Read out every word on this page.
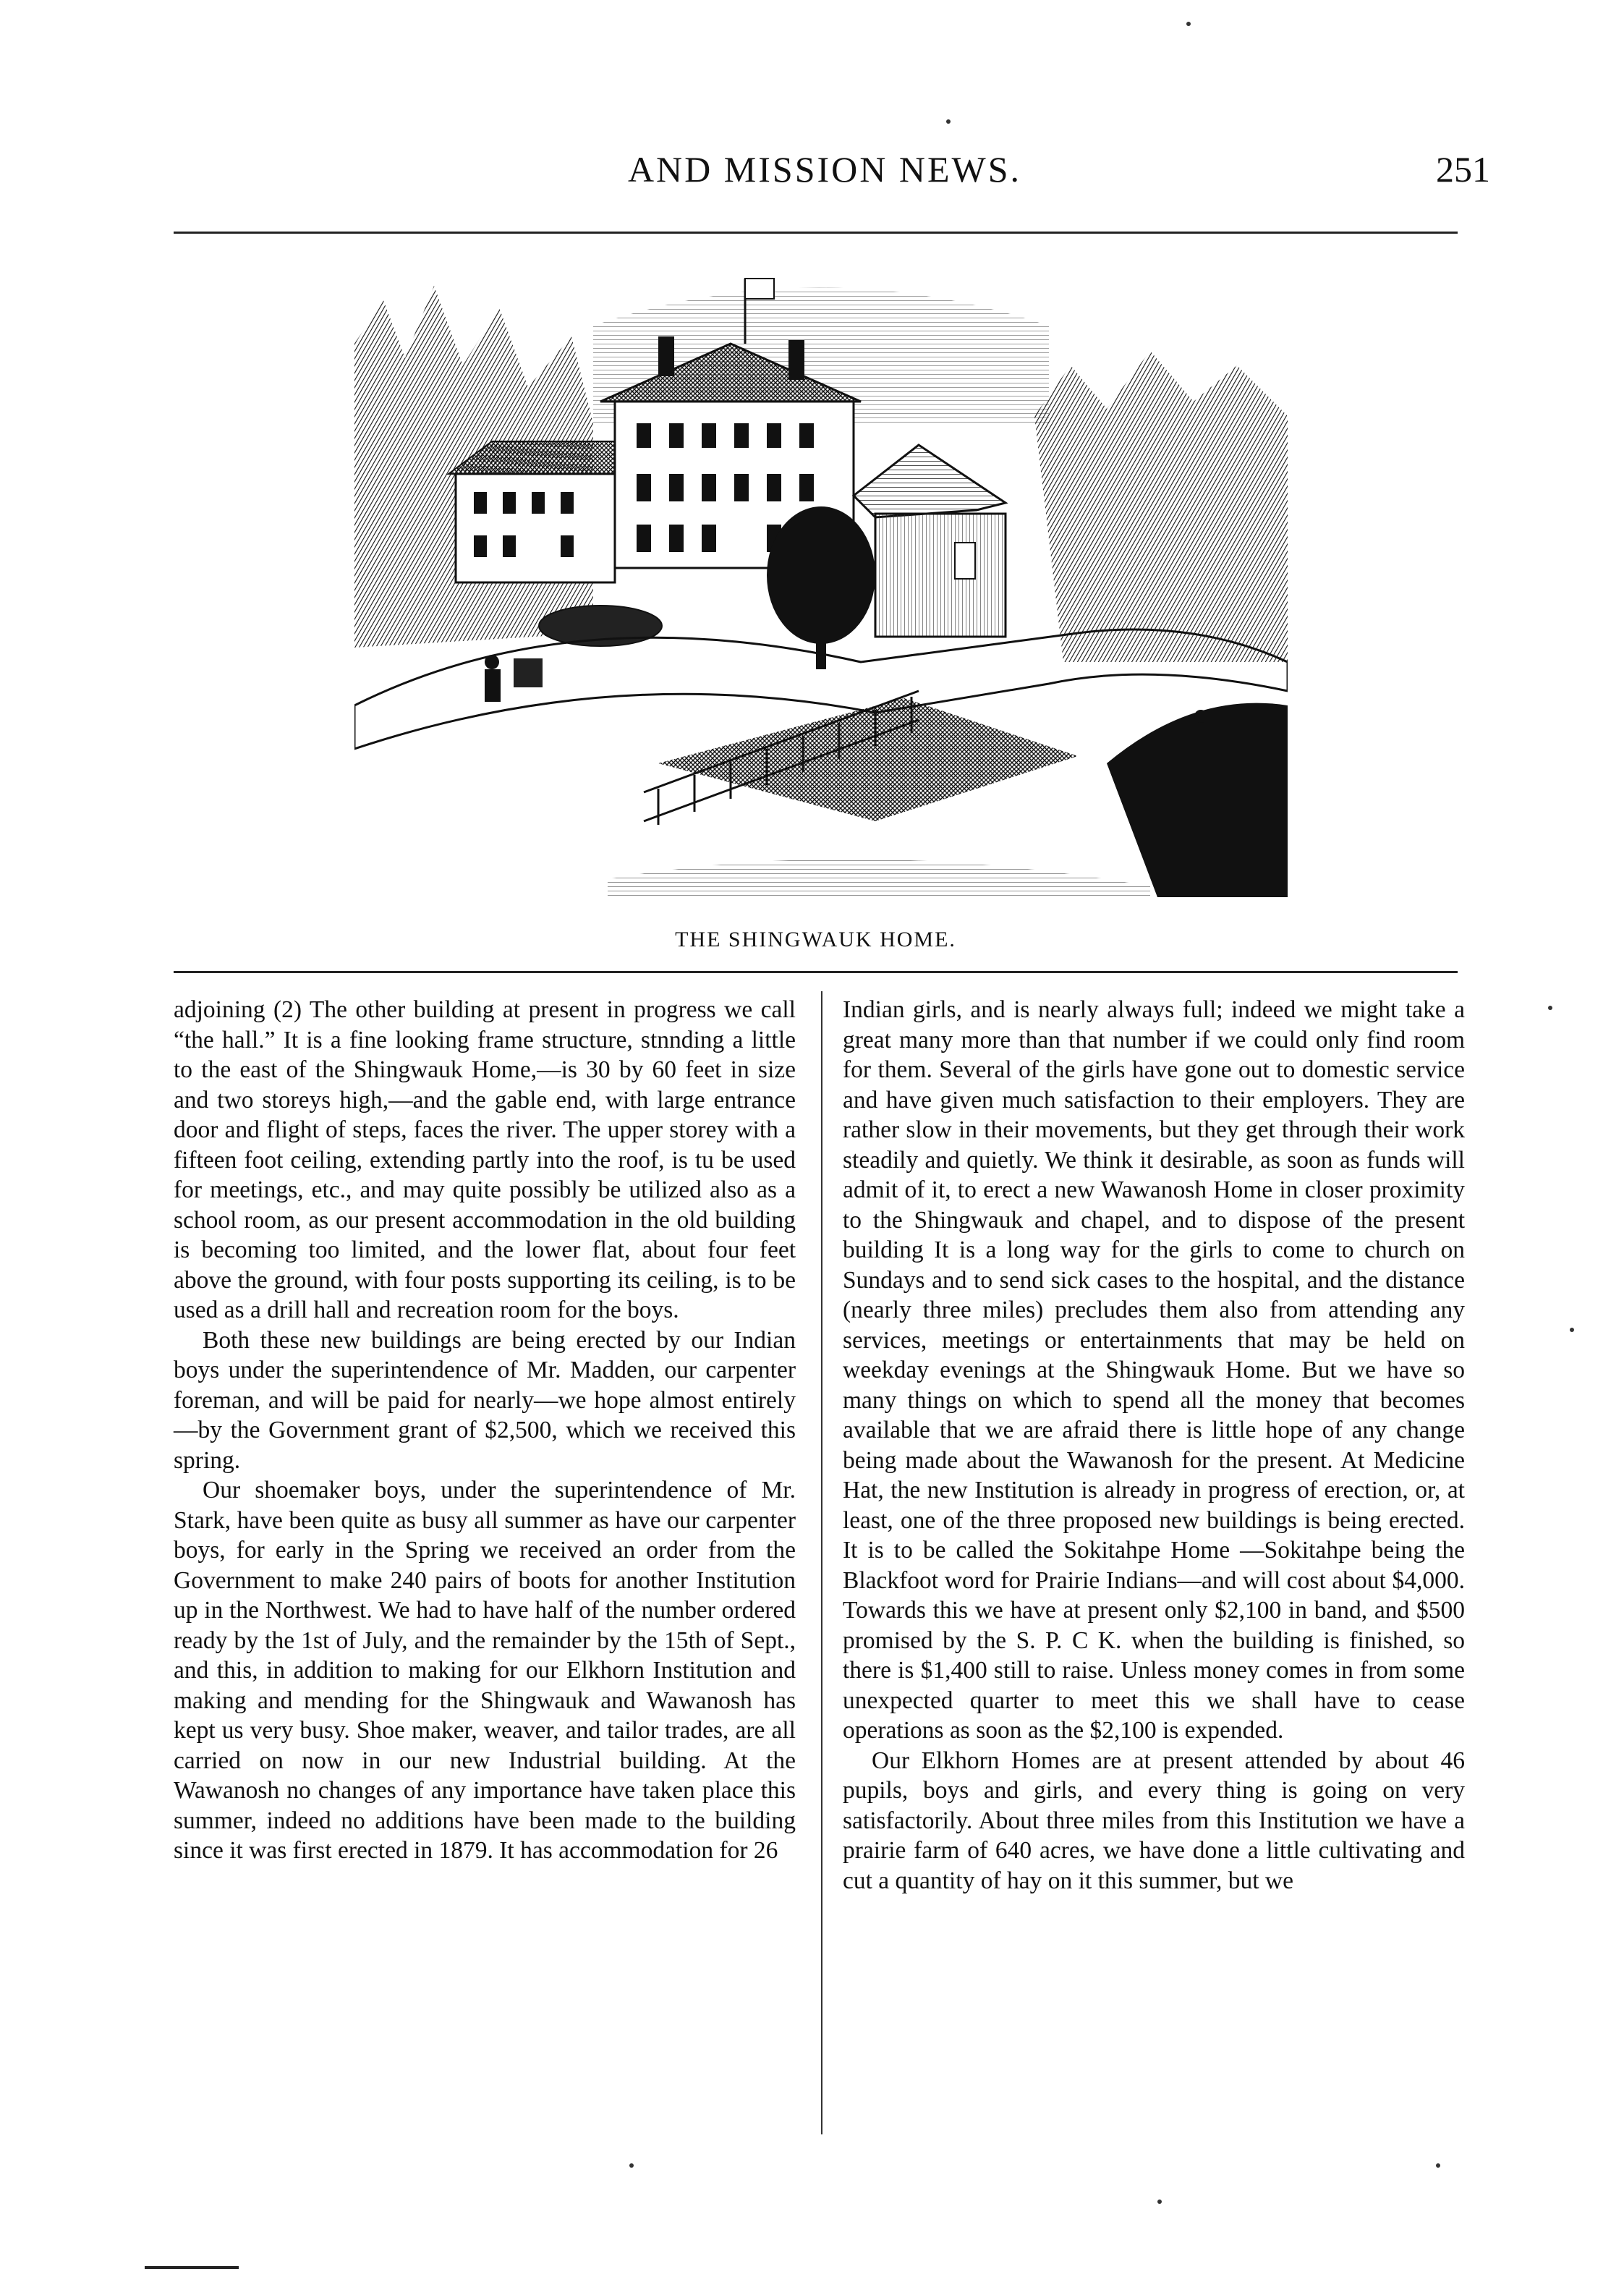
AND MISSION NEWS.	251
THE SHINGWAUK HOME.

adjoining (2) The other building at present in progress we call “the hall.” It is a fine looking frame structure, stnnding a little to the east of the Shingwauk Home,—is 30 by 60 feet in size and two storeys high,—and the gable end, with large entrance door and flight of steps, faces the river. The upper storey with a fifteen foot ceiling, extending partly into the roof, is tu be used for meetings, etc., and may quite possibly be utilized also as a school room, as our present accommodation in the old building is becoming too limited, and the lower flat, about four feet above the ground, with four posts supporting its ceiling, is to be used as a drill hall and recreation room for the boys.

Both these new buildings are being erected by our Indian boys under the superintendence of Mr. Madden, our carpenter foreman, and will be paid for nearly—we hope almost entirely—by the Government grant of $2,500, which we received this spring.

Our shoemaker boys, under the superintendence of Mr. Stark, have been quite as busy all summer as have our carpenter boys, for early in the Spring we received an order from the Government to make 240 pairs of boots for another Institution up in the Northwest. We had to have half of the number ordered ready by the 1st of July, and the remainder by the 15th of Sept., and this, in addition to making for our Elkhorn Institution and making and mending for the Shingwauk and Wawanosh has kept us very busy. Shoe maker, weaver, and tailor trades, are all carried on now in our new Industrial building. At the Wawanosh no changes of any importance have taken place this summer, indeed no additions have been made to the building since it was first erected in 1879. It has accommodation for 26

Indian girls, and is nearly always full; indeed we might take a great many more than that number if we could only find room for them. Several of the girls have gone out to domestic service and have given much satisfaction to their employers. They are rather slow in their movements, but they get through their work steadily and quietly. We think it desirable, as soon as funds will admit of it, to erect a new Wawanosh Home in closer proximity to the Shingwauk and chapel, and to dispose of the present building It is a long way for the girls to come to church on Sundays and to send sick cases to the hospital, and the distance (nearly three miles) precludes them also from attending any services, meetings or entertainments that may be held on weekday evenings at the Shingwauk Home. But we have so many things on which to spend all the money that becomes available that we are afraid there is little hope of any change being made about the Wawanosh for the present. At Medicine Hat, the new Institution is already in progress of erection, or, at least, one of the three proposed new buildings is being erected. It is to be called the Sokitahpe Home —Sokitahpe being the Blackfoot word for Prairie Indians—and will cost about $4,000. Towards this we have at present only $2,100 in band, and $500 promised by the S. P. C K. when the building is finished, so there is $1,400 still to raise. Unless money comes in from some unexpected quarter to meet this we shall have to cease operations as soon as the $2,100 is expended.

Our Elkhorn Homes are at present attended by about 46 pupils, boys and girls, and every thing is going on very satisfactorily. About three miles from this Institution we have a prairie farm of 640 acres, we have done a little cultivating and cut a quantity of hay on it this summer, but we
